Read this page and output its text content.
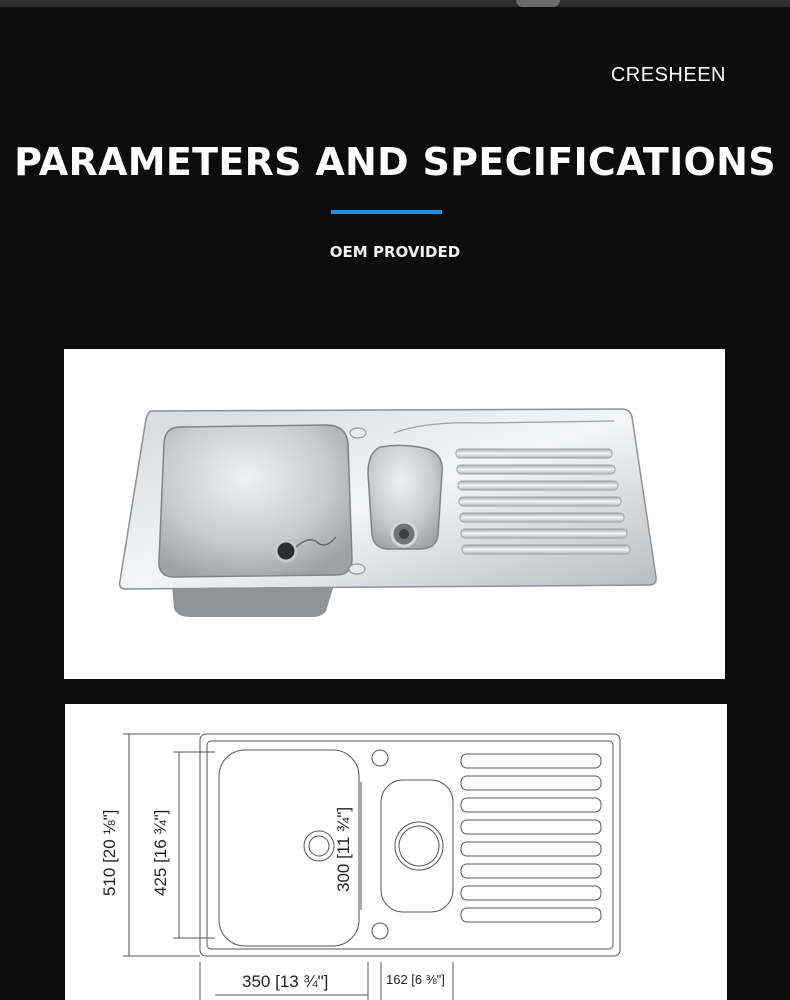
CRESHEEN
PARAMETERS AND SPECIFICATIONS
OEM PROVIDED
510 [20 ⅛"] 425 [16 ¾"]	300 [11 ¾"]
350 [13 ¾"]	162 [6 ⅜"]
